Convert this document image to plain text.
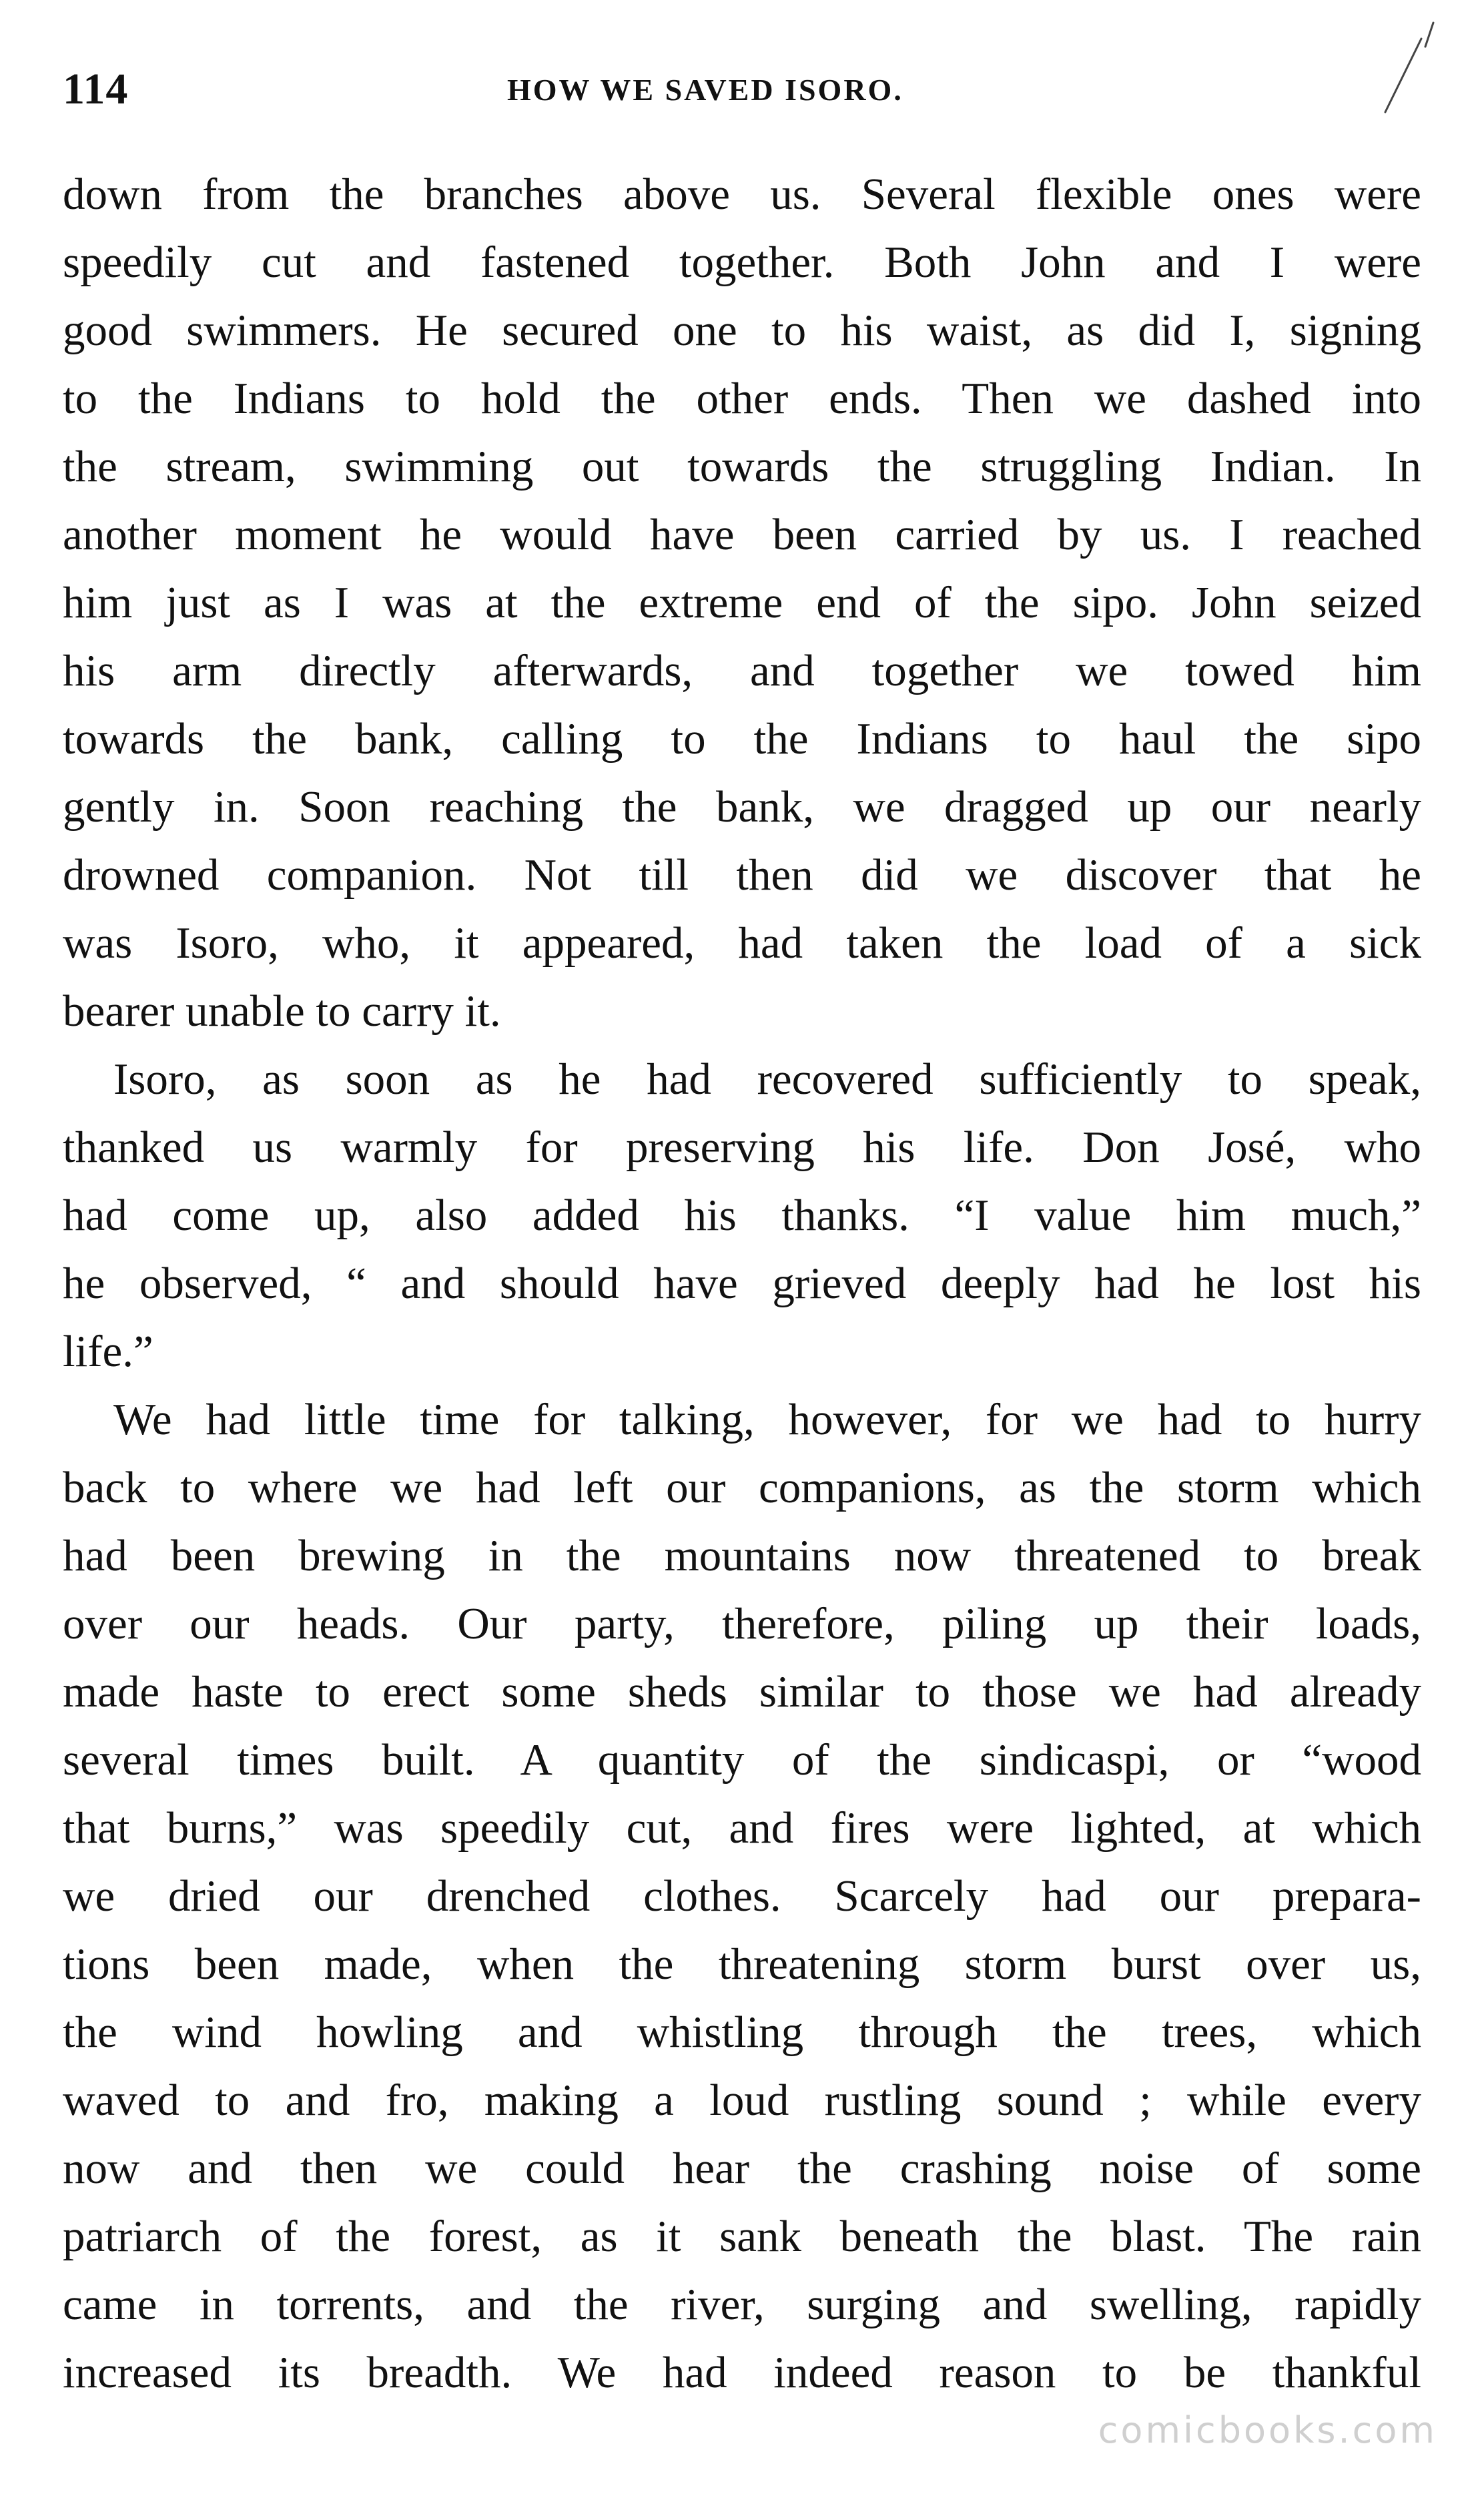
114	HOW WE SAVED ISORO.
down from the branches above us. Several flexible ones were
speedily cut and fastened together. Both John and I were
good swimmers. He secured one to his waist, as did I, signing
to the Indians to hold the other ends. Then we dashed into
the stream, swimming out towards the struggling Indian. In
another moment he would have been carried by us. I reached
him just as I was at the extreme end of the sipo. John seized
his arm directly afterwards, and together we towed him
towards the bank, calling to the Indians to haul the sipo
gently in. Soon reaching the bank, we dragged up our nearly
drowned companion. Not till then did we discover that he
was Isoro, who, it appeared, had taken the load of a sick
bearer unable to carry it.
Isoro, as soon as he had recovered sufficiently to speak,
thanked us warmly for preserving his life. Don José, who
had come up, also added his thanks. “I value him much,”
he observed, “ and should have grieved deeply had he lost his
life.”
We had little time for talking, however, for we had to hurry
back to where we had left our companions, as the storm which
had been brewing in the mountains now threatened to break
over our heads. Our party, therefore, piling up their loads,
made haste to erect some sheds similar to those we had already
several times built. A quantity of the sindicaspi, or “wood
that burns,” was speedily cut, and fires were lighted, at which
we dried our drenched clothes. Scarcely had our prepara-
tions been made, when the threatening storm burst over us,
the wind howling and whistling through the trees, which
waved to and fro, making a loud rustling sound ; while every
now and then we could hear the crashing noise of some
patriarch of the forest, as it sank beneath the blast. The rain
came in torrents, and the river, surging and swelling, rapidly
increased its breadth. We had indeed reason to be thankful
comicbooks.com
